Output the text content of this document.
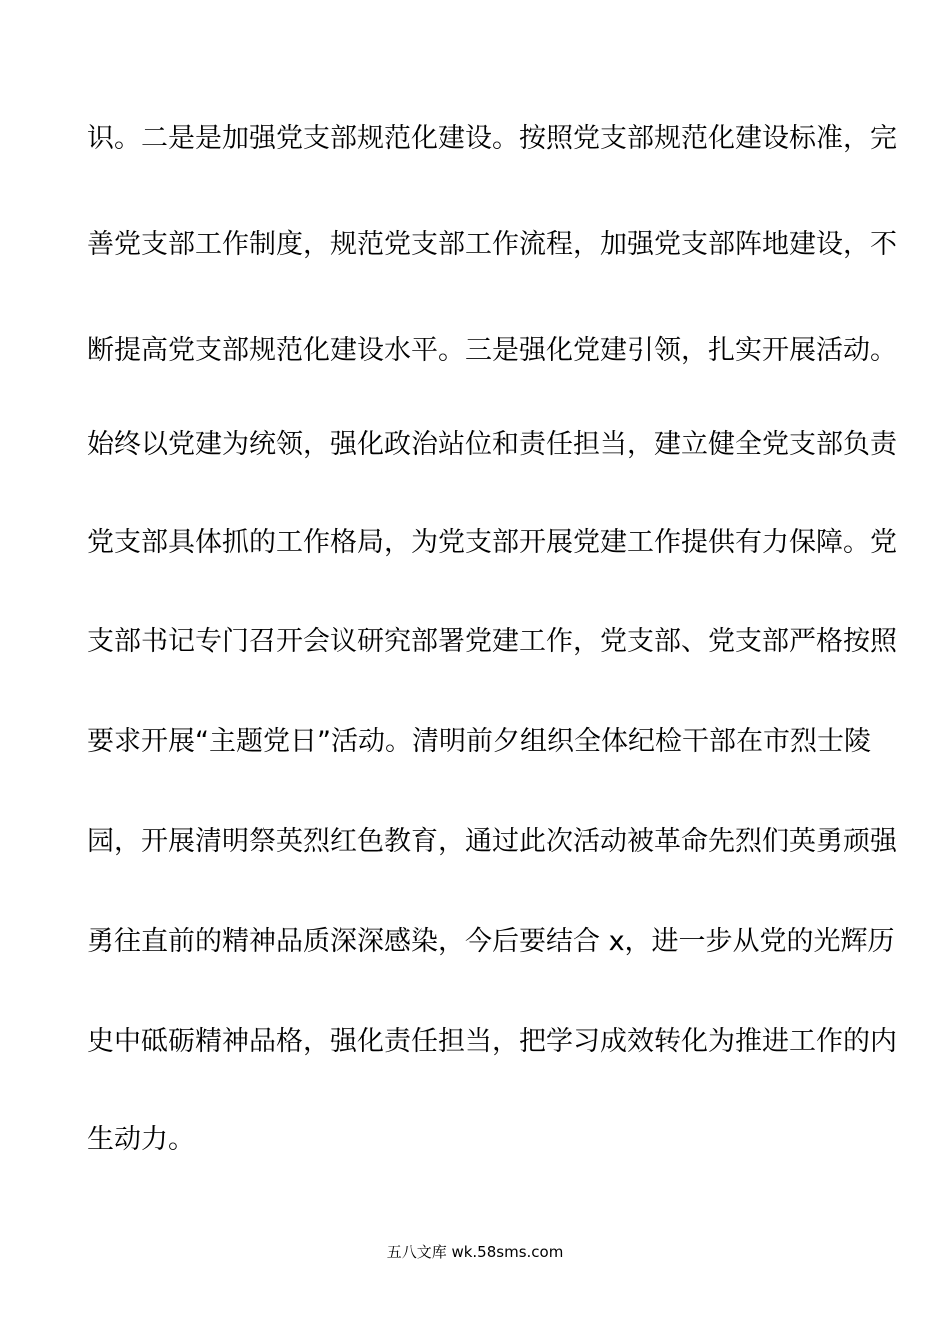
识。二是是加强党支部规范化建设。按照党支部规范化建设标准，完
善党支部工作制度，规范党支部工作流程，加强党支部阵地建设，不
断提高党支部规范化建设水平。三是强化党建引领，扎实开展活动。
始终以党建为统领，强化政治站位和责任担当，建立健全党支部负责
党支部具体抓的工作格局，为党支部开展党建工作提供有力保障。党
支部书记专门召开会议研究部署党建工作，党支部、党支部严格按照
要求开展“主题党日”活动。清明前夕组织全体纪检干部在市烈士陵
园，开展清明祭英烈红色教育，通过此次活动被革命先烈们英勇顽强
勇往直前的精神品质深深感染，今后要结合 x，进一步从党的光辉历
史中砥砺精神品格，强化责任担当，把学习成效转化为推进工作的内
生动力。
五八文库 wk.58sms.com
